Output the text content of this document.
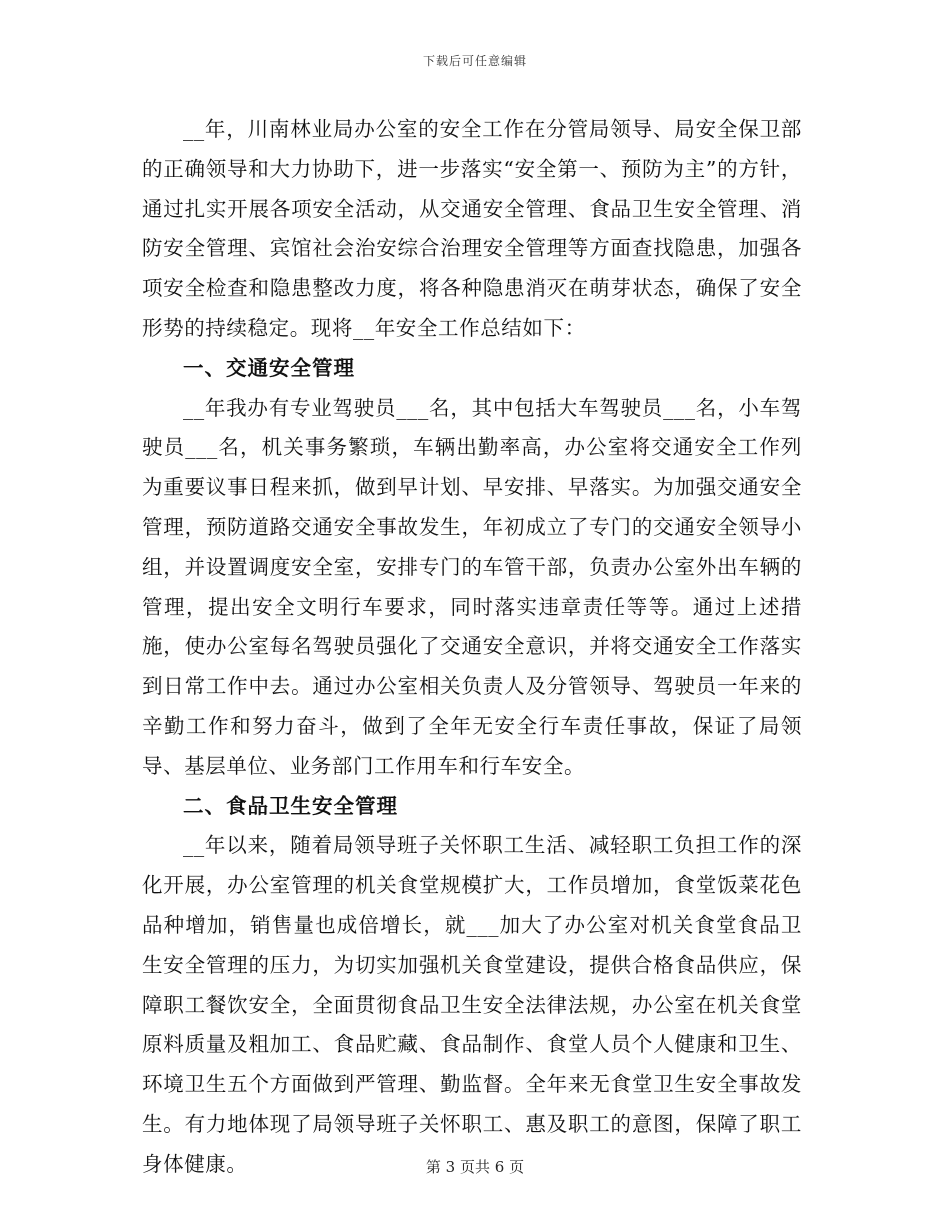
下载后可任意编辑

__年，川南林业局办公室的安全工作在分管局领导、局安全保卫部的正确领导和大力协助下，进一步落实“安全第一、预防为主”的方针，通过扎实开展各项安全活动，从交通安全管理、食品卫生安全管理、消防安全管理、宾馆社会治安综合治理安全管理等方面查找隐患，加强各项安全检查和隐患整改力度，将各种隐患消灭在萌芽状态，确保了安全形势的持续稳定。现将__年安全工作总结如下：

一、交通安全管理

__年我办有专业驾驶员___名，其中包括大车驾驶员___名，小车驾驶员___名，机关事务繁琐，车辆出勤率高，办公室将交通安全工作列为重要议事日程来抓，做到早计划、早安排、早落实。为加强交通安全管理，预防道路交通安全事故发生，年初成立了专门的交通安全领导小组，并设置调度安全室，安排专门的车管干部，负责办公室外出车辆的管理，提出安全文明行车要求，同时落实违章责任等等。通过上述措施，使办公室每名驾驶员强化了交通安全意识，并将交通安全工作落实到日常工作中去。通过办公室相关负责人及分管领导、驾驶员一年来的辛勤工作和努力奋斗，做到了全年无安全行车责任事故，保证了局领导、基层单位、业务部门工作用车和行车安全。

二、食品卫生安全管理

__年以来，随着局领导班子关怀职工生活、减轻职工负担工作的深化开展，办公室管理的机关食堂规模扩大，工作员增加，食堂饭菜花色品种增加，销售量也成倍增长，就___加大了办公室对机关食堂食品卫生安全管理的压力，为切实加强机关食堂建设，提供合格食品供应，保障职工餐饮安全，全面贯彻食品卫生安全法律法规，办公室在机关食堂原料质量及粗加工、食品贮藏、食品制作、食堂人员个人健康和卫生、环境卫生五个方面做到严管理、勤监督。全年来无食堂卫生安全事故发生。有力地体现了局领导班子关怀职工、惠及职工的意图，保障了职工身体健康。	第 3 页共 6 页
